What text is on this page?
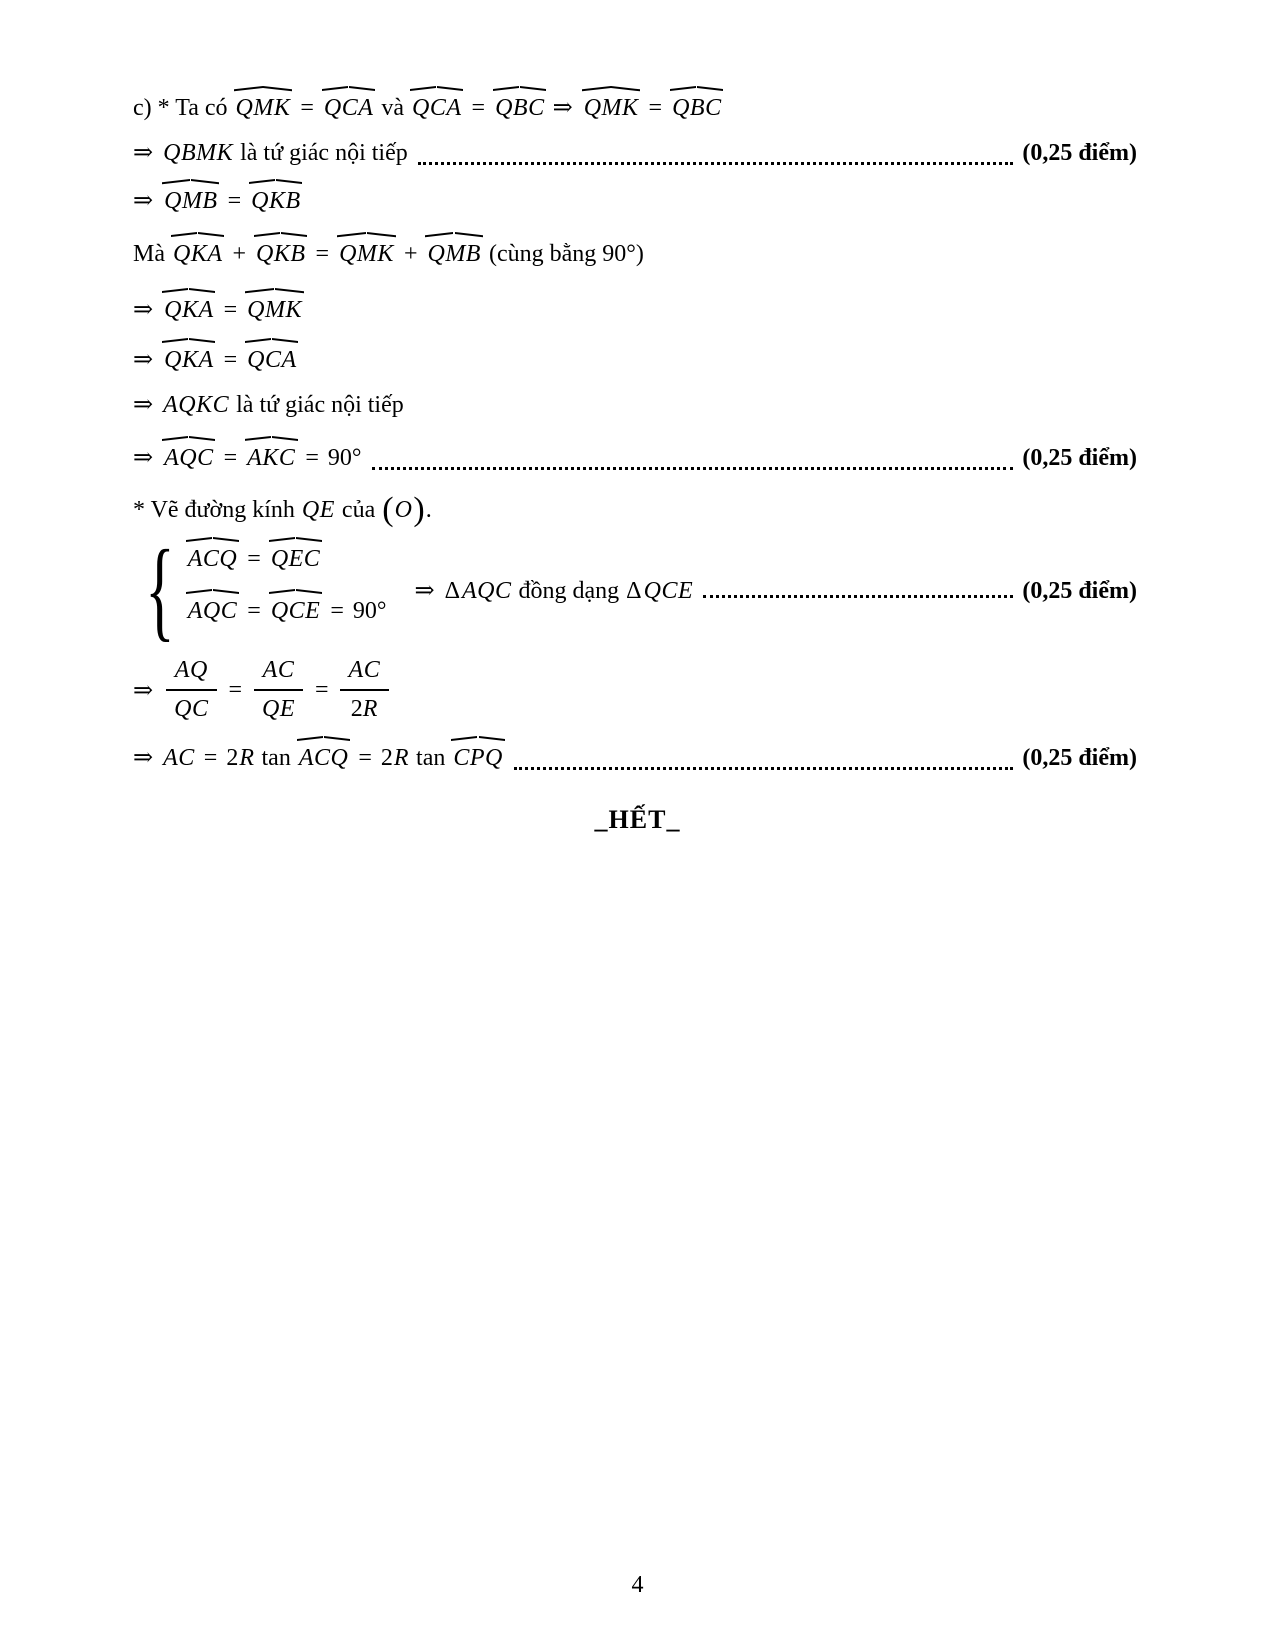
c) * Ta có QMK = QCA và QCA = QBC ⇒ QMK = QBC
⇒ QBMK là tứ giác nội tiếp	(0,25 điểm)
⇒ QMB = QKB
Mà QKA + QKB = QMK + QMB (cùng bằng 90°)
⇒ QKA = QMK
⇒ QKA = QCA
⇒ AQKC là tứ giác nội tiếp
⇒ AQC = AKC = 90°	(0,25 điểm)
* Vẽ đường kính QE của ( O ) .
{ ACQ = QEC
AQC = QCE = 90°
⇒ Δ AQC đồng dạng Δ QCE	(0,25 điểm)
⇒ $\frac{AQ}{QC} = \frac{AC}{QE} = \frac{AC}{2 R}$
⇒ AC = 2 R tan ACQ = 2 R tan CPQ	(0,25 điểm)
_HẾT_
4
